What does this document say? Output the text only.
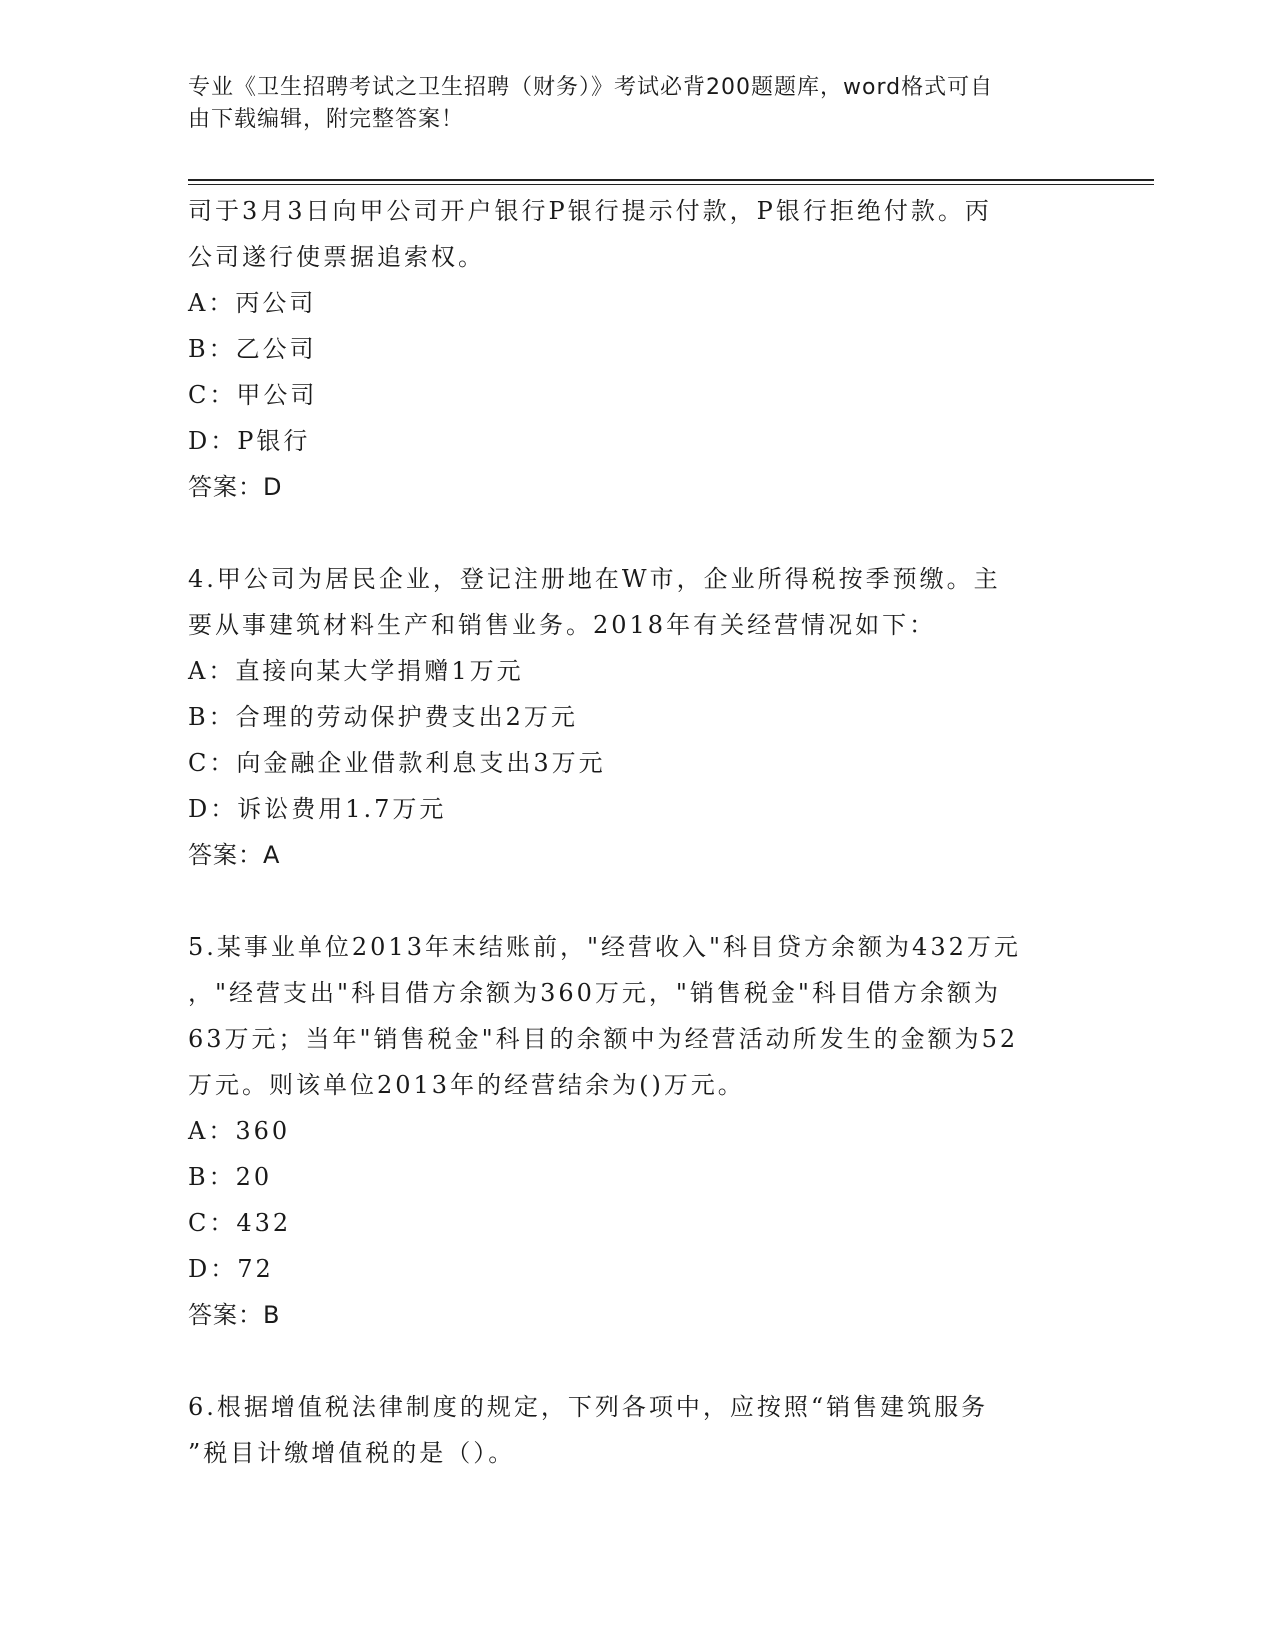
专业《卫生招聘考试之卫生招聘（财务）》考试必背200题题库，word格式可自
由下载编辑，附完整答案！

司于3月3日向甲公司开户银行P银行提示付款，P银行拒绝付款。丙

公司遂行使票据追索权。

A：丙公司

B：乙公司

C：甲公司

D：P银行

答案：D

4.甲公司为居民企业，登记注册地在W市，企业所得税按季预缴。主

要从事建筑材料生产和销售业务。2018年有关经营情况如下：

A：直接向某大学捐赠1万元

B：合理的劳动保护费支出2万元

C：向金融企业借款利息支出3万元

D：诉讼费用1.7万元

答案：A

5.某事业单位2013年末结账前，"经营收入"科目贷方余额为432万元

，"经营支出"科目借方余额为360万元，"销售税金"科目借方余额为

63万元；当年"销售税金"科目的余额中为经营活动所发生的金额为52

万元。则该单位2013年的经营结余为()万元。

A：360

B：20

C：432

D：72

答案：B

6.根据增值税法律制度的规定，下列各项中，应按照“销售建筑服务

”税目计缴增值税的是（）。
